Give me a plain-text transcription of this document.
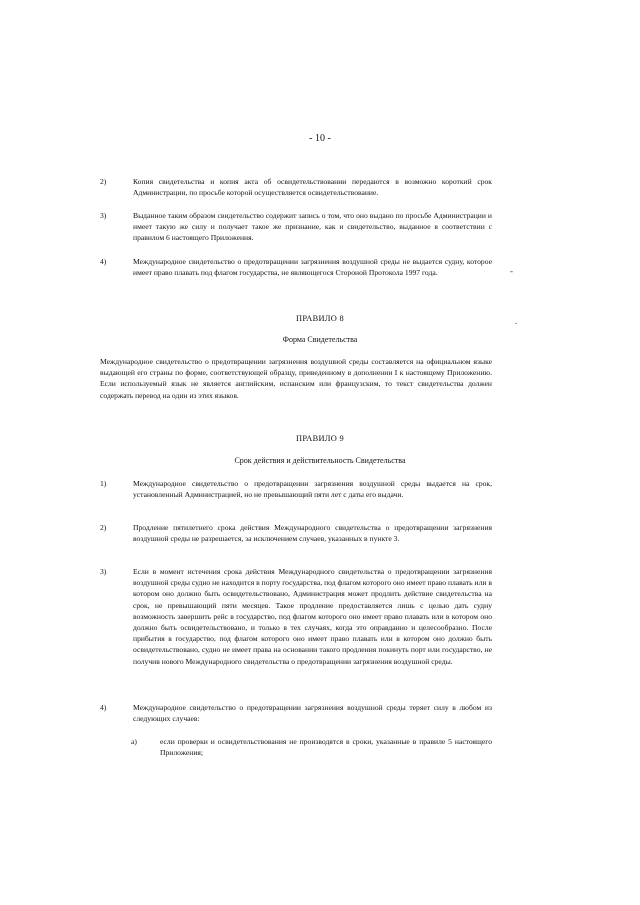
- 10 -
2)	Копия свидетельства и копия акта об освидетельствовании передаются в возможно короткий срок Администрации, по просьбе которой осуществляется освидетельствование.
3)	Выданное таким образом свидетельство содержит запись о том, что оно выдано по просьбе Администрации и имеет такую же силу и получает такое же признание, как и свидетельство, выданное в соответствии с правилом 6 настоящего Приложения.
4)	Международное свидетельство о предотвращении загрязнения воздушной среды не выдается судну, которое имеет право плавать под флагом государства, не являющегося Стороной Протокола 1997 года.	-
.
ПРАВИЛО 8
Форма Свидетельства
Международное свидетельство о предотвращении загрязнения воздушной среды составляется на официальном языке выдающей его страны по форме, соответствующей образцу, приведенному в дополнении I к настоящему Приложению. Если используемый язык не является английским, испанским или французским, то текст свидетельства должен содержать перевод на один из этих языков.
ПРАВИЛО 9
Срок действия и действительность Свидетельства
1)	Международное свидетельство о предотвращении загрязнения воздушной среды выдается на срок, установленный Администрацией, но не превышающий пяти лет с даты его выдачи.
2)	Продление пятилетнего срока действия Международного свидетельства о предотвращении загрязнения воздушной среды не разрешается, за исключением случаев, указанных в пункте 3.
3)	Если в момент истечения срока действия Международного свидетельства о предотвращении загрязнения воздушной среды судно не находится в порту государства, под флагом которого оно имеет право плавать или в котором оно должно быть освидетельствовано, Администрация может продлить действие свидетельства на срок, не превышающий пяти месяцев. Такое продление предоставляется лишь с целью дать судну возможность завершить рейс в государство, под флагом которого оно имеет право плавать или в котором оно должно быть освидетельствовано, и только в тех случаях, когда это оправданно и целесообразно. После прибытия в государство, под флагом которого оно имеет право плавать или в котором оно должно быть освидетельствовано, судно не имеет права на основании такого продления покинуть порт или государство, не получив нового Международного свидетельства о предотвращении загрязнения воздушной среды.
4)	Международное свидетельство о предотвращении загрязнения воздушной среды теряет силу в любом из следующих случаев:
a)	если проверки и освидетельствования не производятся в сроки, указанные в правиле 5 настоящего Приложения;
